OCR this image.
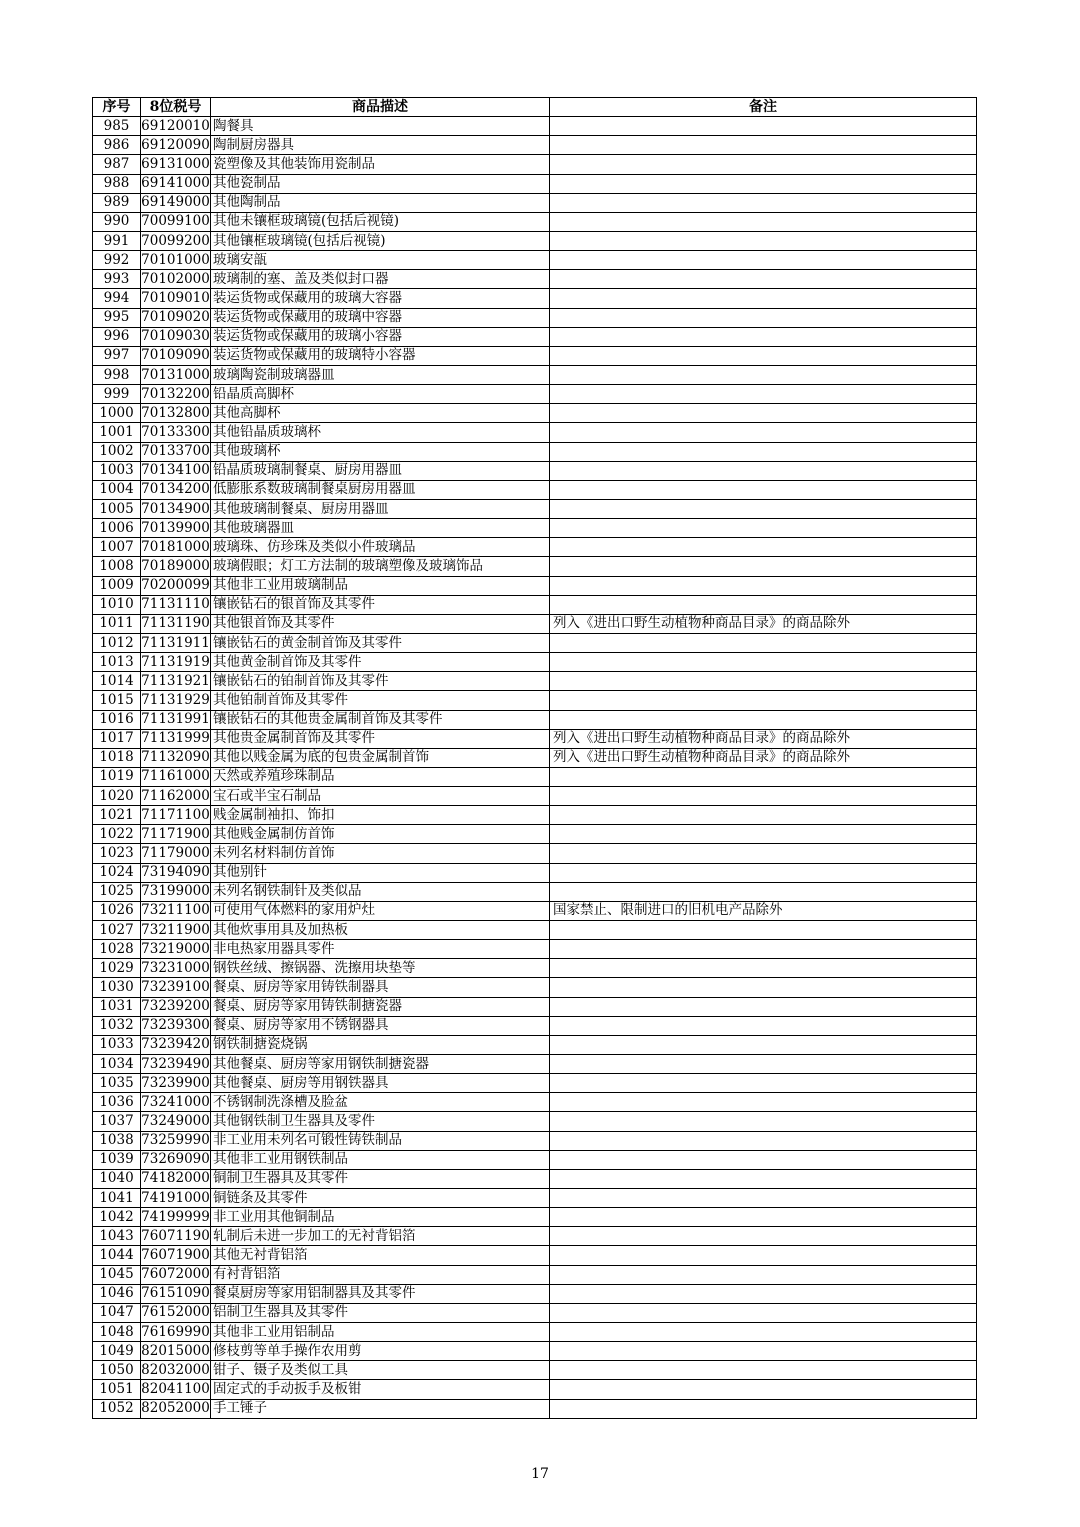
序号	8位税号	商品描述	备注
985	69120010	陶餐具	
986	69120090	陶制厨房器具	
987	69131000	瓷塑像及其他装饰用瓷制品	
988	69141000	其他瓷制品	
989	69149000	其他陶制品	
990	70099100	其他未镶框玻璃镜(包括后视镜)	
991	70099200	其他镶框玻璃镜(包括后视镜)	
992	70101000	玻璃安瓿	
993	70102000	玻璃制的塞、盖及类似封口器	
994	70109010	装运货物或保藏用的玻璃大容器	
995	70109020	装运货物或保藏用的玻璃中容器	
996	70109030	装运货物或保藏用的玻璃小容器	
997	70109090	装运货物或保藏用的玻璃特小容器	
998	70131000	玻璃陶瓷制玻璃器皿	
999	70132200	铅晶质高脚杯	
1000	70132800	其他高脚杯	
1001	70133300	其他铅晶质玻璃杯	
1002	70133700	其他玻璃杯	
1003	70134100	铅晶质玻璃制餐桌、厨房用器皿	
1004	70134200	低膨胀系数玻璃制餐桌厨房用器皿	
1005	70134900	其他玻璃制餐桌、厨房用器皿	
1006	70139900	其他玻璃器皿	
1007	70181000	玻璃珠、仿珍珠及类似小件玻璃品	
1008	70189000	玻璃假眼；灯工方法制的玻璃塑像及玻璃饰品	
1009	70200099	其他非工业用玻璃制品	
1010	71131110	镶嵌钻石的银首饰及其零件	
1011	71131190	其他银首饰及其零件	列入《进出口野生动植物种商品目录》的商品除外
1012	71131911	镶嵌钻石的黄金制首饰及其零件	
1013	71131919	其他黄金制首饰及其零件	
1014	71131921	镶嵌钻石的铂制首饰及其零件	
1015	71131929	其他铂制首饰及其零件	
1016	71131991	镶嵌钻石的其他贵金属制首饰及其零件	
1017	71131999	其他贵金属制首饰及其零件	列入《进出口野生动植物种商品目录》的商品除外
1018	71132090	其他以贱金属为底的包贵金属制首饰	列入《进出口野生动植物种商品目录》的商品除外
1019	71161000	天然或养殖珍珠制品	
1020	71162000	宝石或半宝石制品	
1021	71171100	贱金属制袖扣、饰扣	
1022	71171900	其他贱金属制仿首饰	
1023	71179000	未列名材料制仿首饰	
1024	73194090	其他别针	
1025	73199000	未列名钢铁制针及类似品	
1026	73211100	可使用气体燃料的家用炉灶	国家禁止、限制进口的旧机电产品除外
1027	73211900	其他炊事用具及加热板	
1028	73219000	非电热家用器具零件	
1029	73231000	钢铁丝绒、擦锅器、洗擦用块垫等	
1030	73239100	餐桌、厨房等家用铸铁制器具	
1031	73239200	餐桌、厨房等家用铸铁制搪瓷器	
1032	73239300	餐桌、厨房等家用不锈钢器具	
1033	73239420	钢铁制搪瓷烧锅	
1034	73239490	其他餐桌、厨房等家用钢铁制搪瓷器	
1035	73239900	其他餐桌、厨房等用钢铁器具	
1036	73241000	不锈钢制洗涤槽及脸盆	
1037	73249000	其他钢铁制卫生器具及零件	
1038	73259990	非工业用未列名可锻性铸铁制品	
1039	73269090	其他非工业用钢铁制品	
1040	74182000	铜制卫生器具及其零件	
1041	74191000	铜链条及其零件	
1042	74199999	非工业用其他铜制品	
1043	76071190	轧制后未进一步加工的无衬背铝箔	
1044	76071900	其他无衬背铝箔	
1045	76072000	有衬背铝箔	
1046	76151090	餐桌厨房等家用铝制器具及其零件	
1047	76152000	铝制卫生器具及其零件	
1048	76169990	其他非工业用铝制品	
1049	82015000	修枝剪等单手操作农用剪	
1050	82032000	钳子、镊子及类似工具	
1051	82041100	固定式的手动扳手及板钳	
1052	82052000	手工锤子	
17
